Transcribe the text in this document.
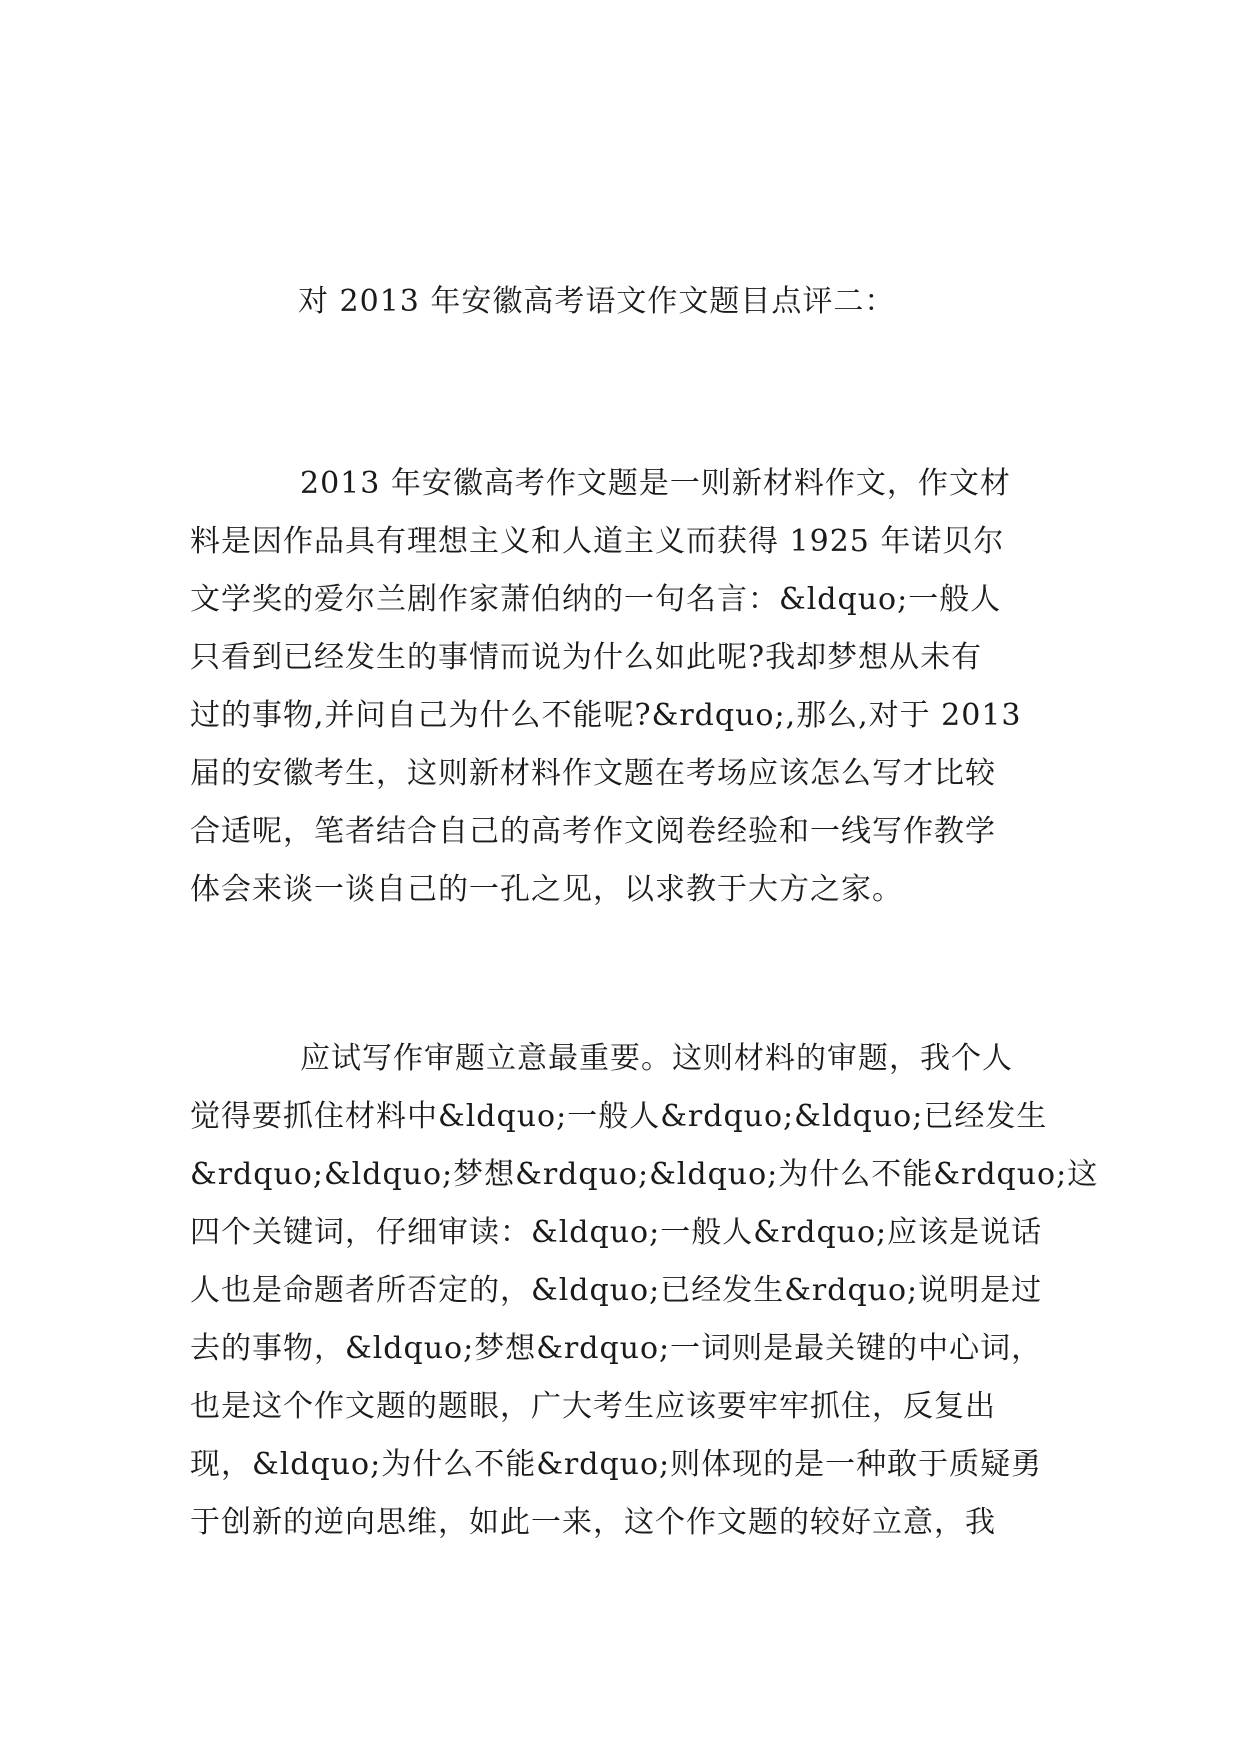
对 2013 年安徽高考语文作文题目点评二：

2013 年安徽高考作文题是一则新材料作文，作文材
料是因作品具有理想主义和人道主义而获得 1925 年诺贝尔
文学奖的爱尔兰剧作家萧伯纳的一句名言：&ldquo;一般人
只看到已经发生的事情而说为什么如此呢?我却梦想从未有
过的事物,并问自己为什么不能呢?&rdquo;,那么,对于 2013
届的安徽考生，这则新材料作文题在考场应该怎么写才比较
合适呢，笔者结合自己的高考作文阅卷经验和一线写作教学
体会来谈一谈自己的一孔之见，以求教于大方之家。

应试写作审题立意最重要。这则材料的审题，我个人
觉得要抓住材料中&ldquo;一般人&rdquo;&ldquo;已经发生
&rdquo;&ldquo;梦想&rdquo;&ldquo;为什么不能&rdquo;这
四个关键词，仔细审读：&ldquo;一般人&rdquo;应该是说话
人也是命题者所否定的，&ldquo;已经发生&rdquo;说明是过
去的事物，&ldquo;梦想&rdquo;一词则是最关键的中心词，
也是这个作文题的题眼，广大考生应该要牢牢抓住，反复出
现，&ldquo;为什么不能&rdquo;则体现的是一种敢于质疑勇
于创新的逆向思维，如此一来，这个作文题的较好立意，我
